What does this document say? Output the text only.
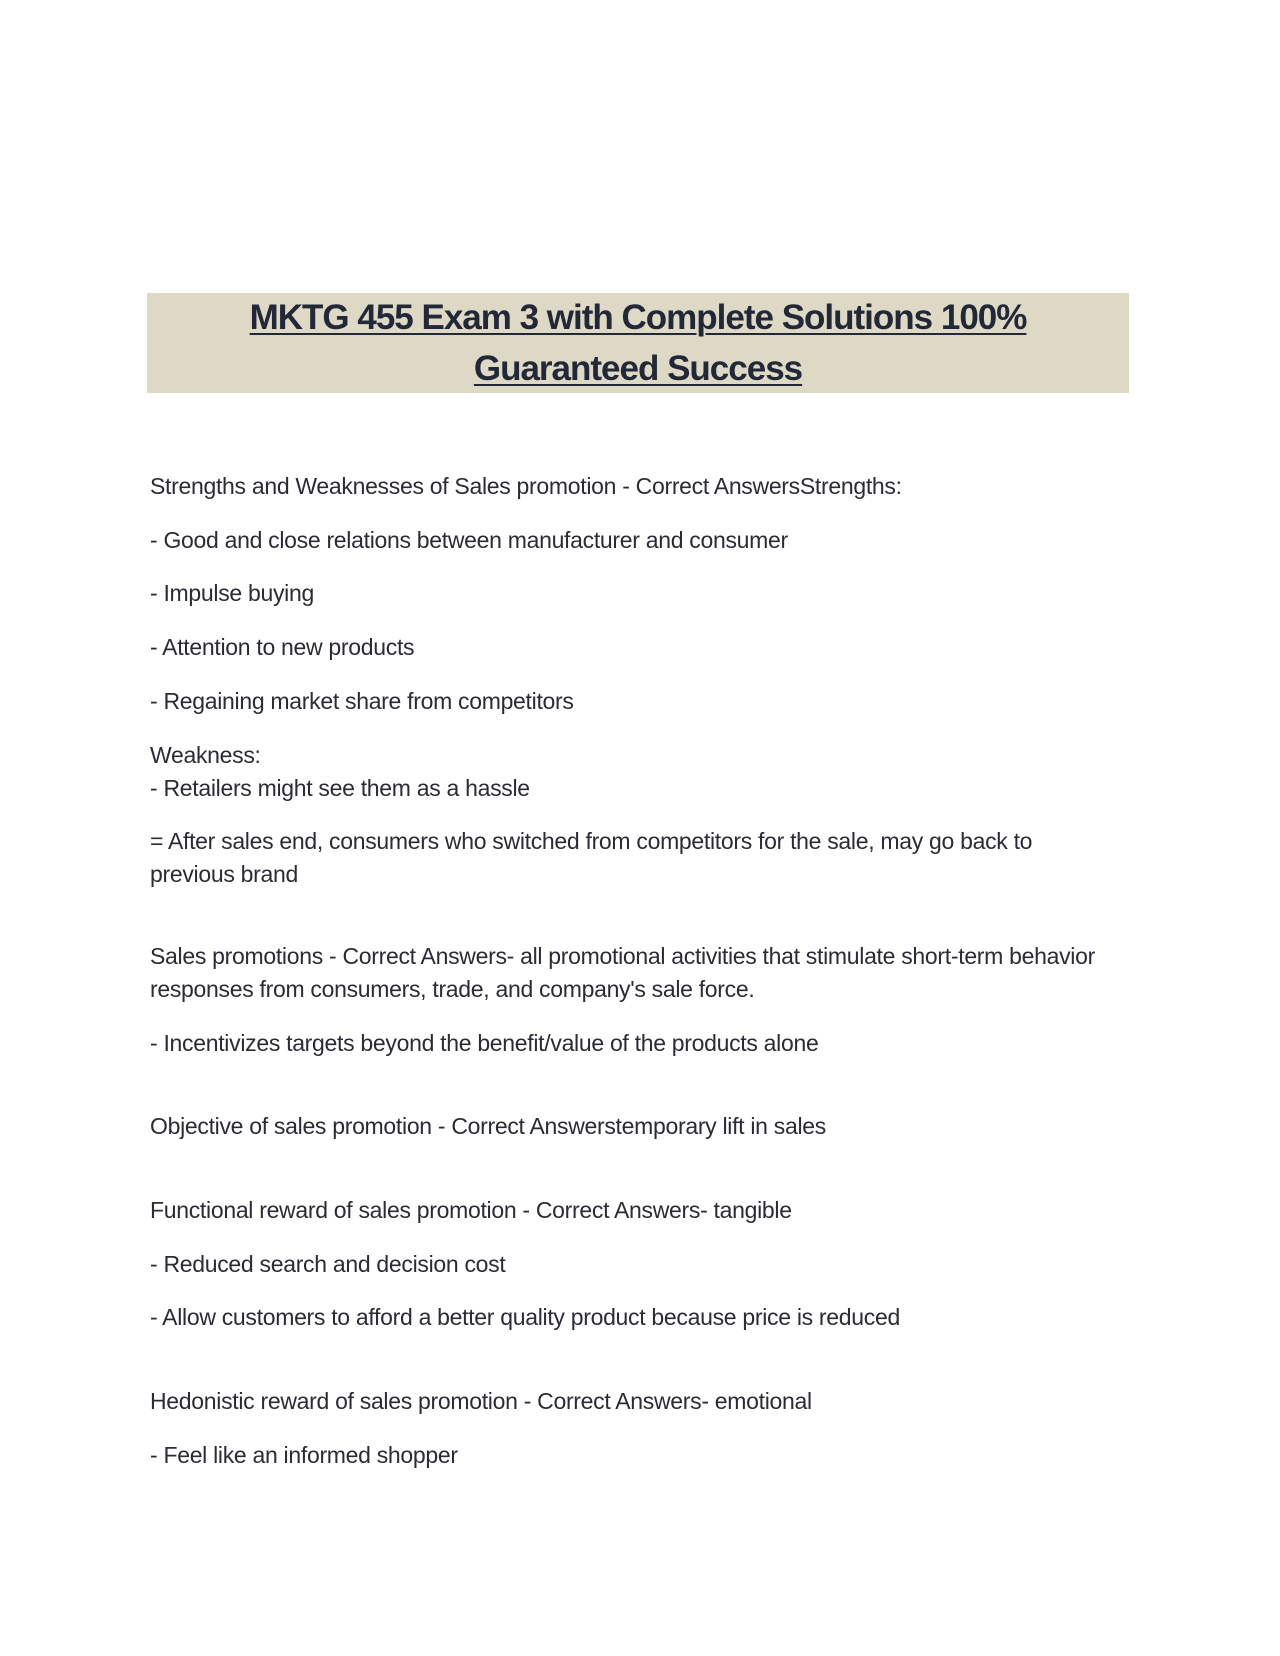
MKTG 455 Exam 3 with Complete Solutions 100%
Guaranteed Success
Strengths and Weaknesses of Sales promotion - Correct AnswersStrengths:
- Good and close relations between manufacturer and consumer
- Impulse buying
- Attention to new products
- Regaining market share from competitors
Weakness:
- Retailers might see them as a hassle
= After sales end, consumers who switched from competitors for the sale, may go back to previous brand
Sales promotions - Correct Answers- all promotional activities that stimulate short-term behavior responses from consumers, trade, and company's sale force.
- Incentivizes targets beyond the benefit/value of the products alone
Objective of sales promotion - Correct Answerstemporary lift in sales
Functional reward of sales promotion - Correct Answers- tangible
- Reduced search and decision cost
- Allow customers to afford a better quality product because price is reduced
Hedonistic reward of sales promotion - Correct Answers- emotional
- Feel like an informed shopper
